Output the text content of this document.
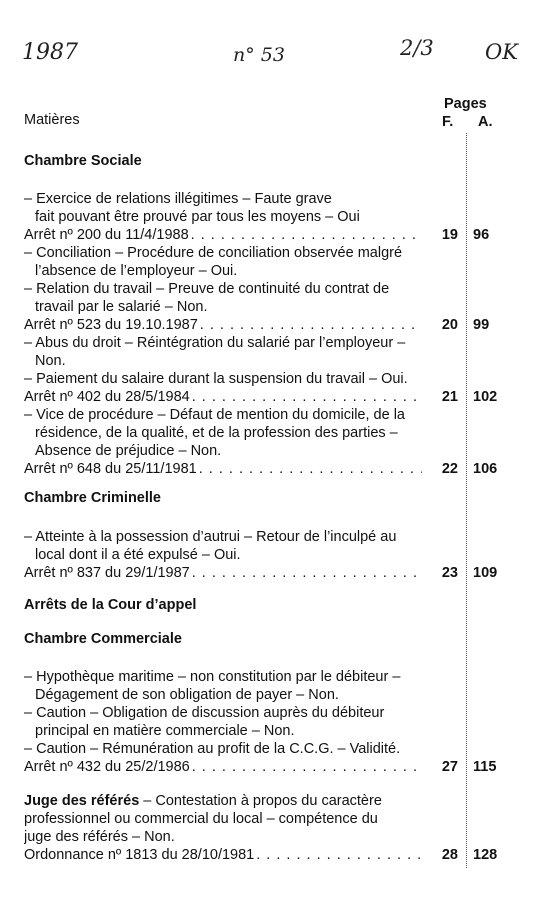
1987	n° 53	2/3 OK
Matières
Pages
F. A.
Chambre Sociale
– Exercice de relations illégitimes – Faute grave
fait pouvant être prouvé par tous les moyens – Oui
19 96
Arrêt nº 200 du 11/4/1988
. . .
– Conciliation – Procédure de conciliation observée malgré
l’absence de l’employeur – Oui.
– Relation du travail – Preuve de continuité du contrat de
travail par le salarié – Non.
20 99
Arrêt nº 523 du 19.10.1987
. . .
– Abus du droit – Réintégration du salarié par l’employeur –
Non.
– Paiement du salaire durant la suspension du travail – Oui.
21 102
Arrêt nº 402 du 28/5/1984
. . .
– Vice de procédure – Défaut de mention du domicile, de la
résidence, de la qualité, et de la profession des parties –
Absence de préjudice – Non.
22 106
Arrêt nº 648 du 25/11/1981
. . .
Chambre Criminelle
– Atteinte à la possession d’autrui – Retour de l’inculpé au
local dont il a été expulsé – Oui.
23 109
Arrêt nº 837 du 29/1/1987
. . .
Arrêts de la Cour d’appel
Chambre Commerciale
– Hypothèque maritime – non constitution par le débiteur –
Dégagement de son obligation de payer – Non.
– Caution – Obligation de discussion auprès du débiteur
principal en matière commerciale – Non.
– Caution – Rémunération au profit de la C.C.G. – Validité.
27 115
Arrêt nº 432 du 25/2/1986
. . .
Juge des référés – Contestation à propos du caractère
professionnel ou commercial du local – compétence du
juge des référés – Non.
28 128
Ordonnance nº 1813 du 28/10/1981
. . .
